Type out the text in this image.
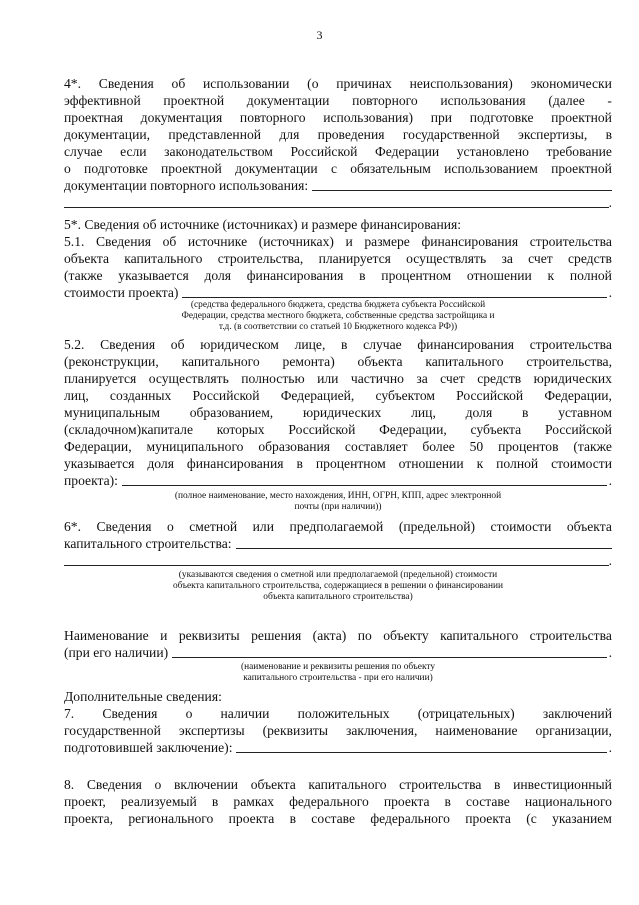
3
4*. Сведения об использовании (о причинах неиспользования) экономически
эффективной проектной документации повторного использования (далее -
проектная документация повторного использования) при подготовке проектной
документации, представленной для проведения государственной экспертизы, в
случае если законодательством Российской Федерации установлено требование
о подготовке проектной документации с обязательным использованием проектной
документации повторного использования:
.
5*. Сведения об источнике (источниках) и размере финансирования:
5.1. Сведения об источнике (источниках) и размере финансирования строительства
объекта капитального строительства, планируется осуществлять за счет средств
(также указывается доля финансирования в процентном отношении к полной
стоимости проекта)	.
(средства федерального бюджета, средства бюджета субъекта Российской
Федерации, средства местного бюджета, собственные средства застройщика и
т.д. (в соответствии со статьей 10 Бюджетного кодекса РФ))
5.2. Сведения об юридическом лице, в случае финансирования строительства
(реконструкции, капитального ремонта) объекта капитального строительства,
планируется осуществлять полностью или частично за счет средств юридических
лиц, созданных Российской Федерацией, субъектом Российской Федерации,
муниципальным образованием, юридических лиц, доля в уставном
(складочном)капитале которых Российской Федерации, субъекта Российской
Федерации, муниципального образования составляет более 50 процентов (также
указывается доля финансирования в процентном отношении к полной стоимости
проекта):	.
(полное наименование, место нахождения, ИНН, ОГРН, КПП, адрес электронной
почты (при наличии))
6*. Сведения о сметной или предполагаемой (предельной) стоимости объекта
капитального строительства:
.
(указываются сведения о сметной или предполагаемой (предельной) стоимости
объекта капитального строительства, содержащиеся в решении о финансировании
объекта капитального строительства)
Наименование и реквизиты решения (акта) по объекту капитального строительства
(при его наличии)	.
(наименование и реквизиты решения по объекту
капитального строительства - при его наличии)
Дополнительные сведения:
7. Сведения о наличии положительных (отрицательных) заключений
государственной экспертизы (реквизиты заключения, наименование организации,
подготовившей заключение):	.
8. Сведения о включении объекта капитального строительства в инвестиционный
проект, реализуемый в рамках федерального проекта в составе национального
проекта, регионального проекта в составе федерального проекта (с указанием
